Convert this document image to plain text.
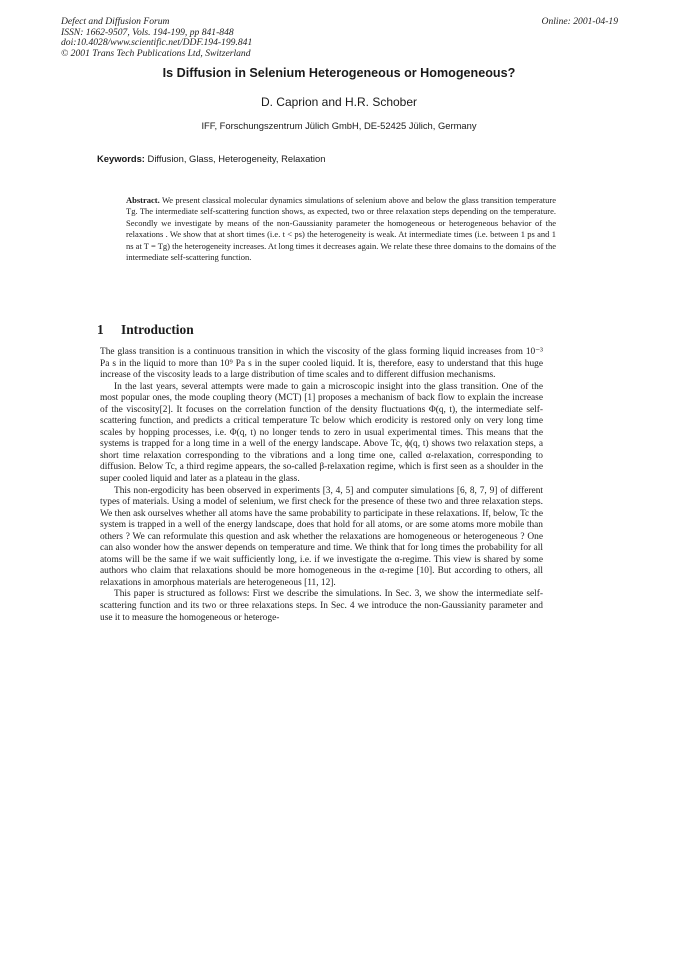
Defect and Diffusion Forum
ISSN: 1662-9507, Vols. 194-199, pp 841-848
doi:10.4028/www.scientific.net/DDF.194-199.841
© 2001 Trans Tech Publications Ltd, Switzerland
Online: 2001-04-19
Is Diffusion in Selenium Heterogeneous or Homogeneous?
D. Caprion and H.R. Schober
IFF, Forschungszentrum Jülich GmbH, DE-52425 Jülich, Germany
Keywords: Diffusion, Glass, Heterogeneity, Relaxation
Abstract. We present classical molecular dynamics simulations of selenium above and below the glass transition temperature Tg. The intermediate self-scattering function shows, as expected, two or three relaxation steps depending on the temperature. Secondly we investigate by means of the non-Gaussianity parameter the homogeneous or heterogeneous behavior of the relaxations . We show that at short times (i.e. t < ps) the heterogeneity is weak. At intermediate times (i.e. between 1 ps and 1 ns at T = Tg) the heterogeneity increases. At long times it decreases again. We relate these three domains to the domains of the intermediate self-scattering function.
1 Introduction

The glass transition is a continuous transition in which the viscosity of the glass forming liquid increases from 10⁻³ Pa s in the liquid to more than 10⁹ Pa s in the super cooled liquid. It is, therefore, easy to understand that this huge increase of the viscosity leads to a large distribution of time scales and to different diffusion mechanisms.

In the last years, several attempts were made to gain a microscopic insight into the glass transition. One of the most popular ones, the mode coupling theory (MCT) [1] proposes a mechanism of back flow to explain the increase of the viscosity[2]. It focuses on the correlation function of the density fluctuations Φ(q, t), the intermediate self-scattering function, and predicts a critical temperature Tc below which erodicity is restored only on very long time scales by hopping processes, i.e. Φ(q, t) no longer tends to zero in usual experimental times. This means that the systems is trapped for a long time in a well of the energy landscape. Above Tc, ϕ(q, t) shows two relaxation steps, a short time relaxation corresponding to the vibrations and a long time one, called α-relaxation, corresponding to diffusion. Below Tc, a third regime appears, the so-called β-relaxation regime, which is first seen as a shoulder in the super cooled liquid and later as a plateau in the glass.

This non-ergodicity has been observed in experiments [3, 4, 5] and computer simulations [6, 8, 7, 9] of different types of materials. Using a model of selenium, we first check for the presence of these two and three relaxation steps. We then ask ourselves whether all atoms have the same probability to participate in these relaxations. If, below, Tc the system is trapped in a well of the energy landscape, does that hold for all atoms, or are some atoms more mobile than others ? We can reformulate this question and ask whether the relaxations are homogeneous or heterogeneous ? One can also wonder how the answer depends on temperature and time. We think that for long times the probability for all atoms will be the same if we wait sufficiently long, i.e. if we investigate the α-regime. This view is shared by some authors who claim that relaxations should be more homogeneous in the α-regime [10]. But according to others, all relaxations in amorphous materials are heterogeneous [11, 12].

This paper is structured as follows: First we describe the simulations. In Sec. 3, we show the intermediate self-scattering function and its two or three relaxations steps. In Sec. 4 we introduce the non-Gaussianity parameter and use it to measure the homogeneous or heteroge-
